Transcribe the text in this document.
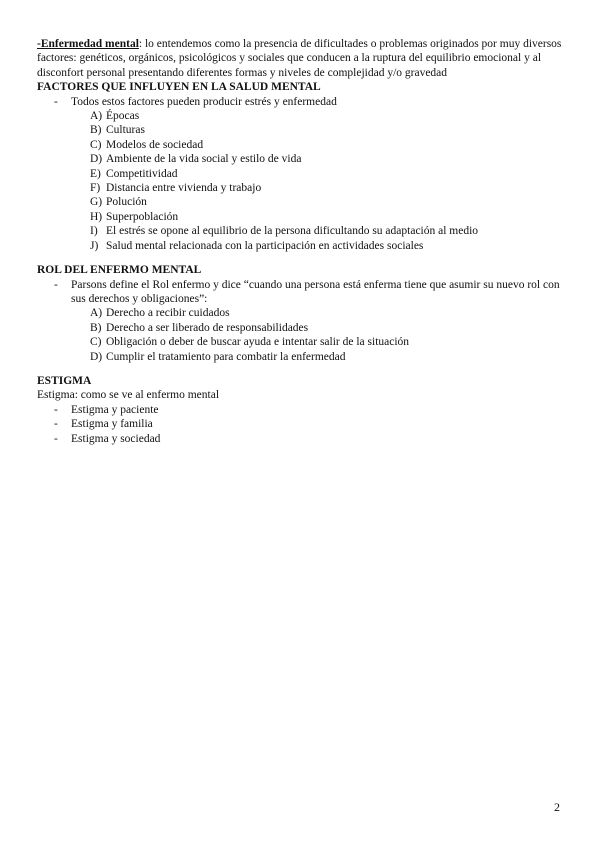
-Enfermedad mental: lo entendemos como la presencia de dificultades o problemas originados por muy diversos factores: genéticos, orgánicos, psicológicos y sociales que conducen a la ruptura del equilibrio emocional y al disconfort personal presentando diferentes formas y niveles de complejidad y/o gravedad

FACTORES QUE INFLUYEN EN LA SALUD MENTAL

- Todos estos factores pueden producir estrés y enfermedad

A) Épocas
B) Culturas
C) Modelos de sociedad
D) Ambiente de la vida social y estilo de vida
E) Competitividad
F) Distancia entre vivienda y trabajo
G) Polución
H) Superpoblación
I) El estrés se opone al equilibrio de la persona dificultando su adaptación al medio
J) Salud mental relacionada con la participación en actividades sociales

ROL DEL ENFERMO MENTAL

- Parsons define el Rol enfermo y dice “cuando una persona está enferma tiene que asumir su nuevo rol con sus derechos y obligaciones”:

A) Derecho a recibir cuidados
B) Derecho a ser liberado de responsabilidades
C) Obligación o deber de buscar ayuda e intentar salir de la situación
D) Cumplir el tratamiento para combatir la enfermedad

ESTIGMA

Estigma: como se ve al enfermo mental

- Estigma y paciente
- Estigma y familia
- Estigma y sociedad
2
